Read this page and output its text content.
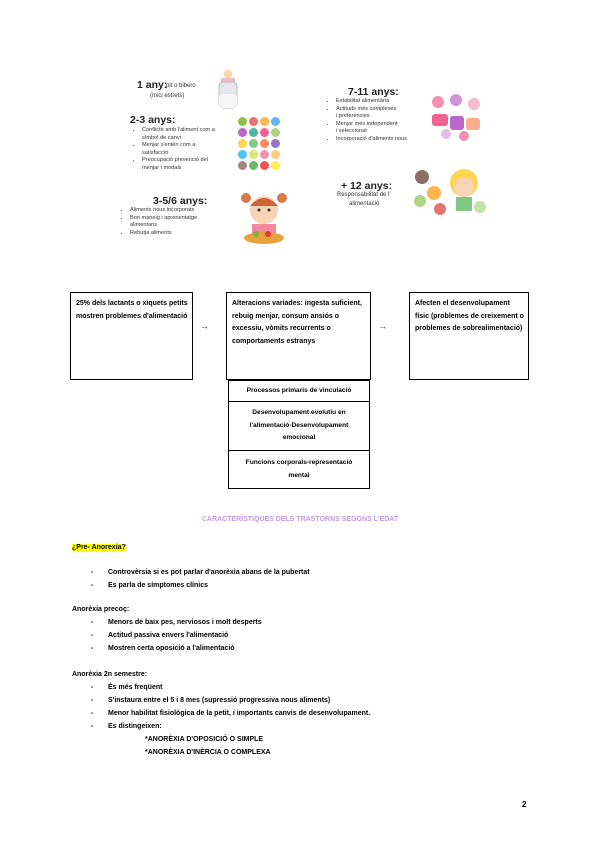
1 any:
pit o bibero
(Inici estrets)
2-3 anys:
• Conflicte amb l'aliment com a
símbol de canvi
• Menjar s'entén com a
satisfacció
• Preocupació prevenció del
menjar i modals
3-5/6 anys:
• Aliments nous incorporats
• Bon maneig i aprenentatge
alimentaris
• Rebutja aliments
7-11 anys:
• Estabilitat alimentària
• Actituds més complexes
i preferències
• Menjar més independent
i seleccionat
• Incorporació d'aliments nous
+ 12 anys:
Responsabilitat de l'
alimentació
25% dels lactants o xiquets petits mostren problemes d'alimentació
→
Alteracions variades: ingesta suficient, rebuig menjar, consum ansiós o excessiu, vòmits recurrents o comportaments estranys
→
Afecten el desenvolupament físic (problemes de creixement o problemes de sobrealimentació)
Processos primaris de vinculació
Desenvolupament evolutiu en l'alimentació-Desenvolupament emocional
Funcions corporals-representació mental
CARACTERÍSTIQUES DELS TRASTORNS SEGONS L'EDAT
¿Pre- Anorexia?
- Controvèrsia si es pot parlar d'anorèxia abans de la pubertat
- Es parla de símptomes clínics
Anorèxia precoç:
- Menors de baix pes, nerviosos i molt desperts
- Actitud passiva envers l'alimentació
- Mostren certa oposició a l'alimentació
Anorèxia 2n semestre:
- És més freqüent
- S'instaura entre el 5 i 8 mes (supressió progressiva nous aliments)
- Menor habilitat fisiològica de la petit, i importants canvis de desenvolupament.
- Es distingeixen:
*ANORÈXIA D'OPOSICIÓ O SIMPLE
*ANORÈXIA D'INÈRCIA O COMPLEXA
2
